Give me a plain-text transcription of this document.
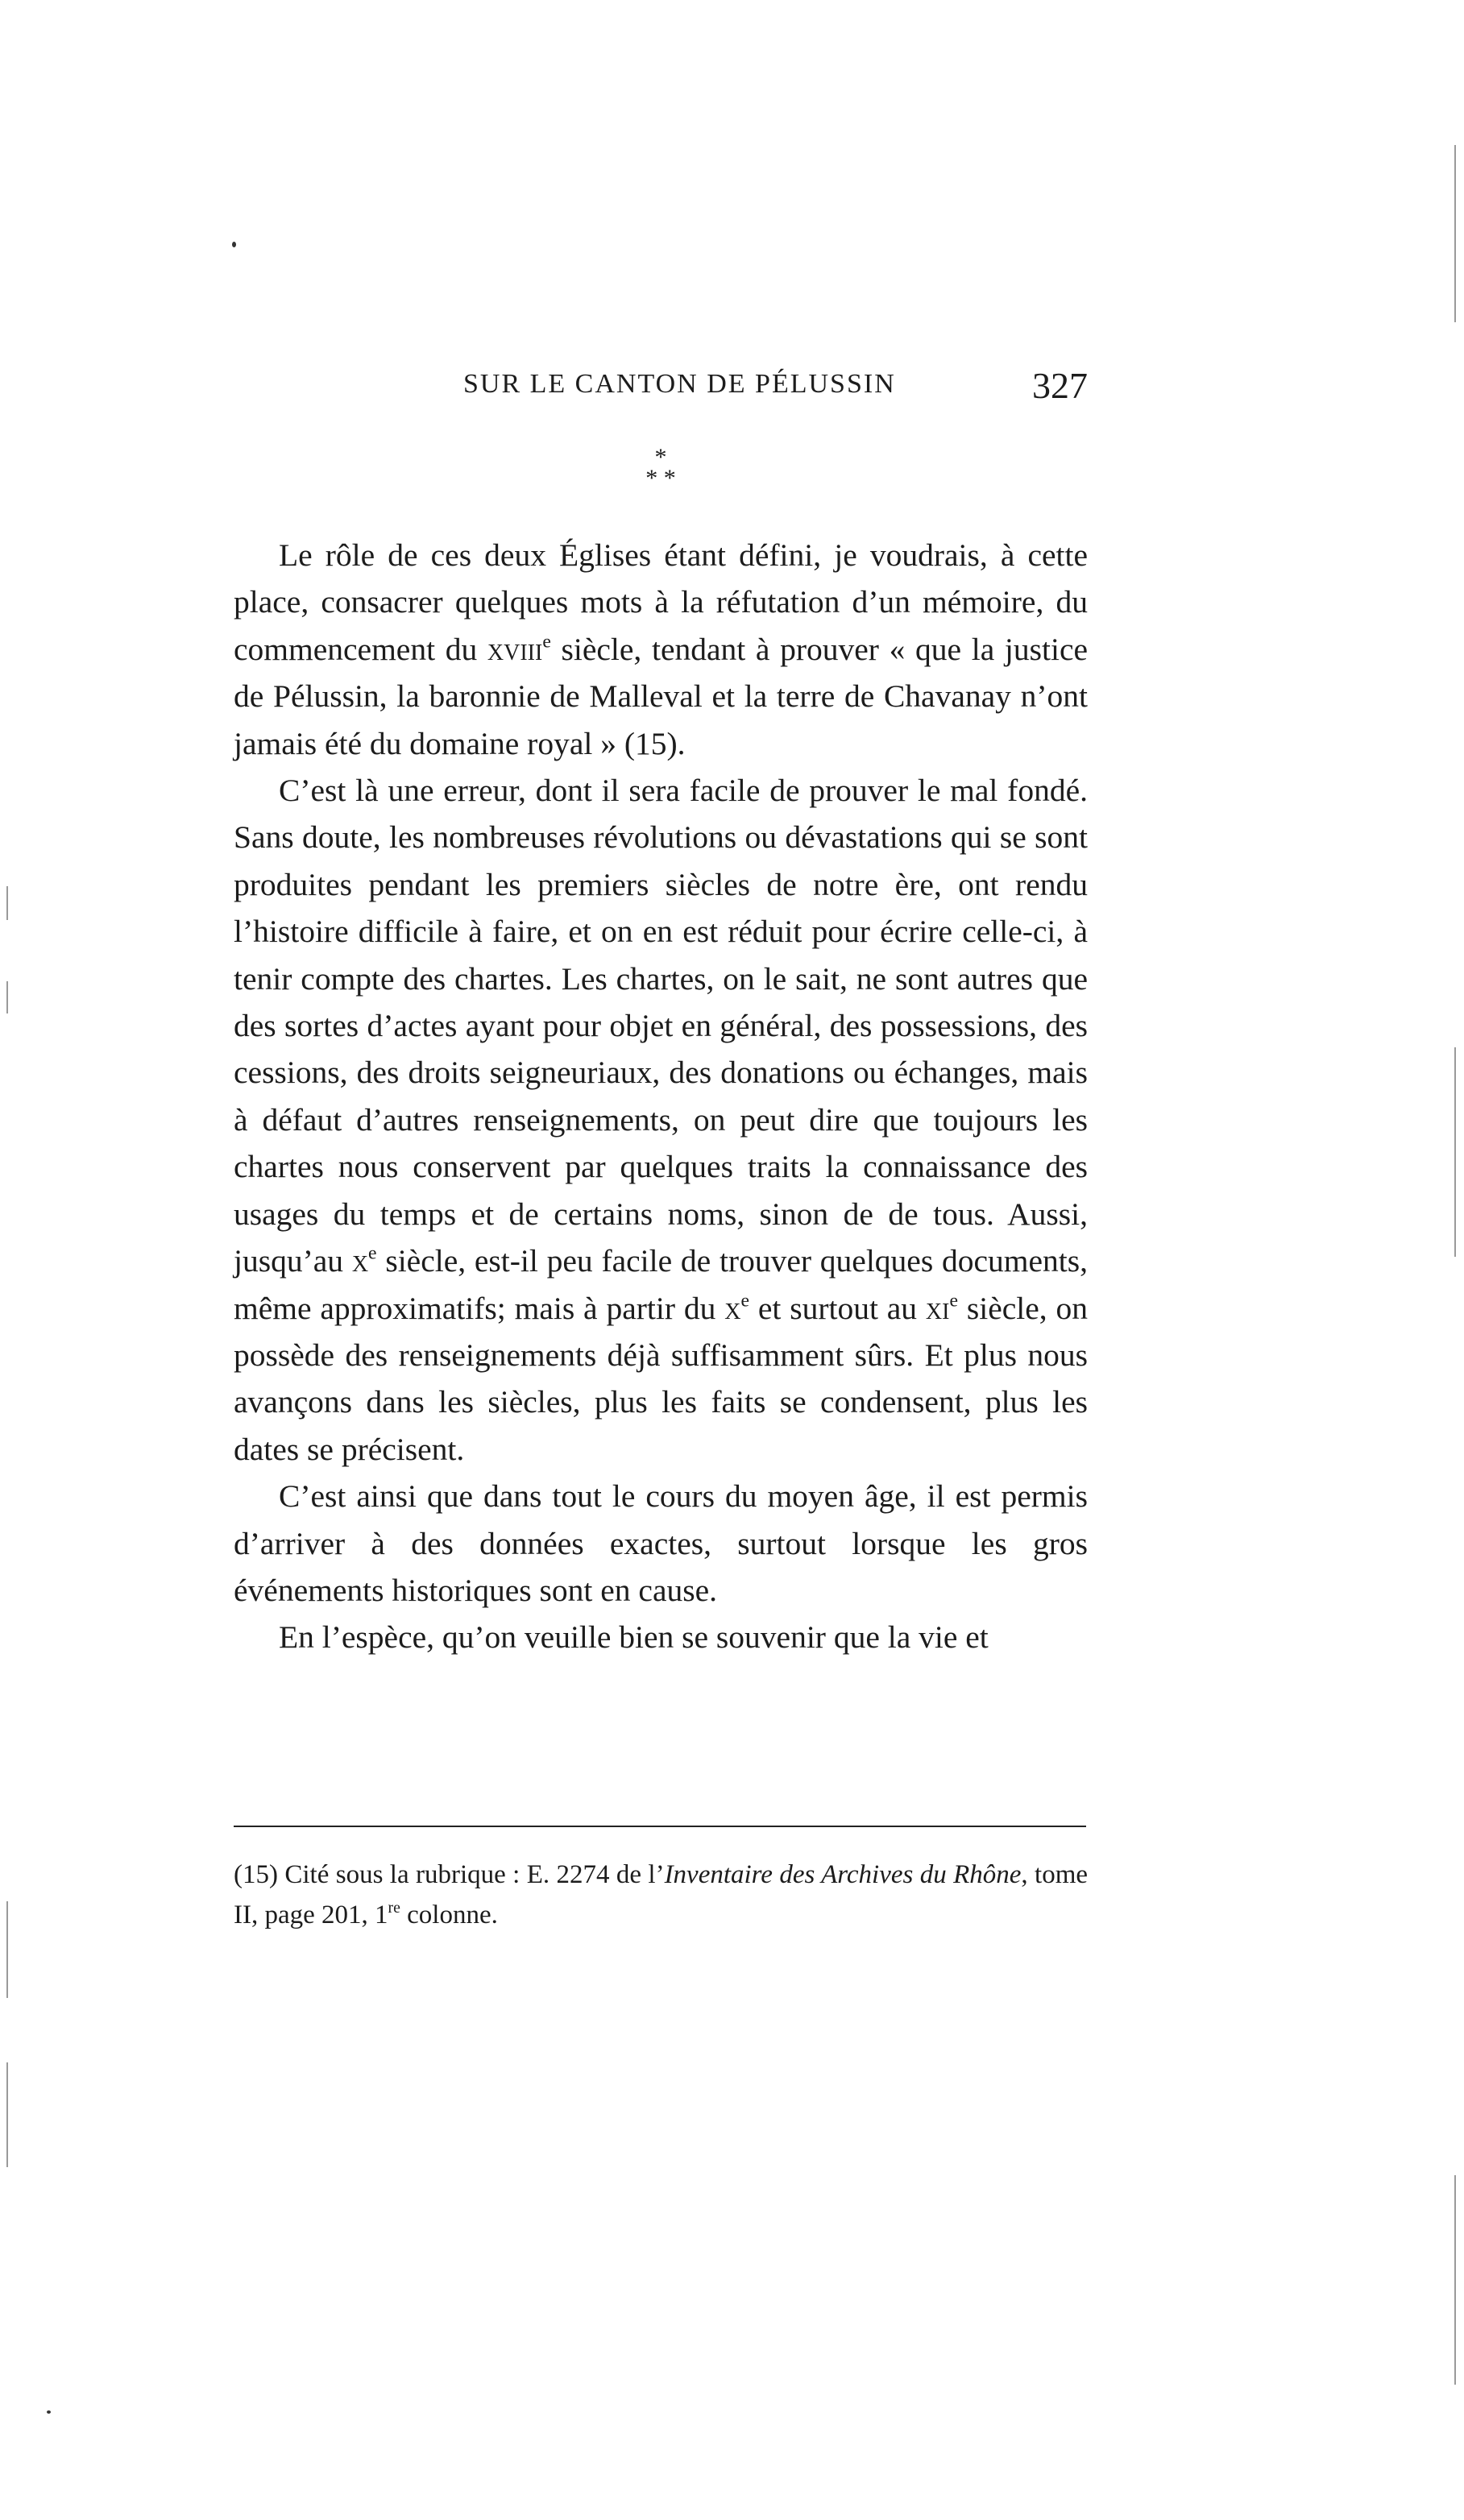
SUR LE CANTON DE PÉLUSSIN	327
*
* *

Le rôle de ces deux Églises étant défini, je voudrais, à cette place, consacrer quelques mots à la réfutation d’un mémoire, du commencement du xviii$^e$ siècle, tendant à prouver « que la justice de Pélussin, la baronnie de Malleval et la terre de Chavanay n’ont jamais été du domaine royal » (15).

C’est là une erreur, dont il sera facile de prouver le mal fondé. Sans doute, les nombreuses révolutions ou dévastations qui se sont produites pendant les premiers siècles de notre ère, ont rendu l’histoire difficile à faire, et on en est réduit pour écrire celle-ci, à tenir compte des chartes. Les chartes, on le sait, ne sont autres que des sortes d’actes ayant pour objet en général, des possessions, des cessions, des droits seigneuriaux, des donations ou échanges, mais à défaut d’autres renseignements, on peut dire que toujours les chartes nous conservent par quelques traits la connaissance des usages du temps et de certains noms, sinon de de tous. Aussi, jusqu’au $x^e$ siècle, est-il peu facile de trouver quelques documents, même approximatifs; mais à partir du $x^e$ et surtout au $xi^e$ siècle, on possède des renseignements déjà suffisamment sûrs. Et plus nous avançons dans les siècles, plus les faits se condensent, plus les dates se précisent.

C’est ainsi que dans tout le cours du moyen âge, il est permis d’arriver à des données exactes, surtout lorsque les gros événements historiques sont en cause.

En l’espèce, qu’on veuille bien se souvenir que la vie et

(15) Cité sous la rubrique : E. 2274 de l’Inventaire des Archives du Rhône, tome II, page 201, 1re colonne.
